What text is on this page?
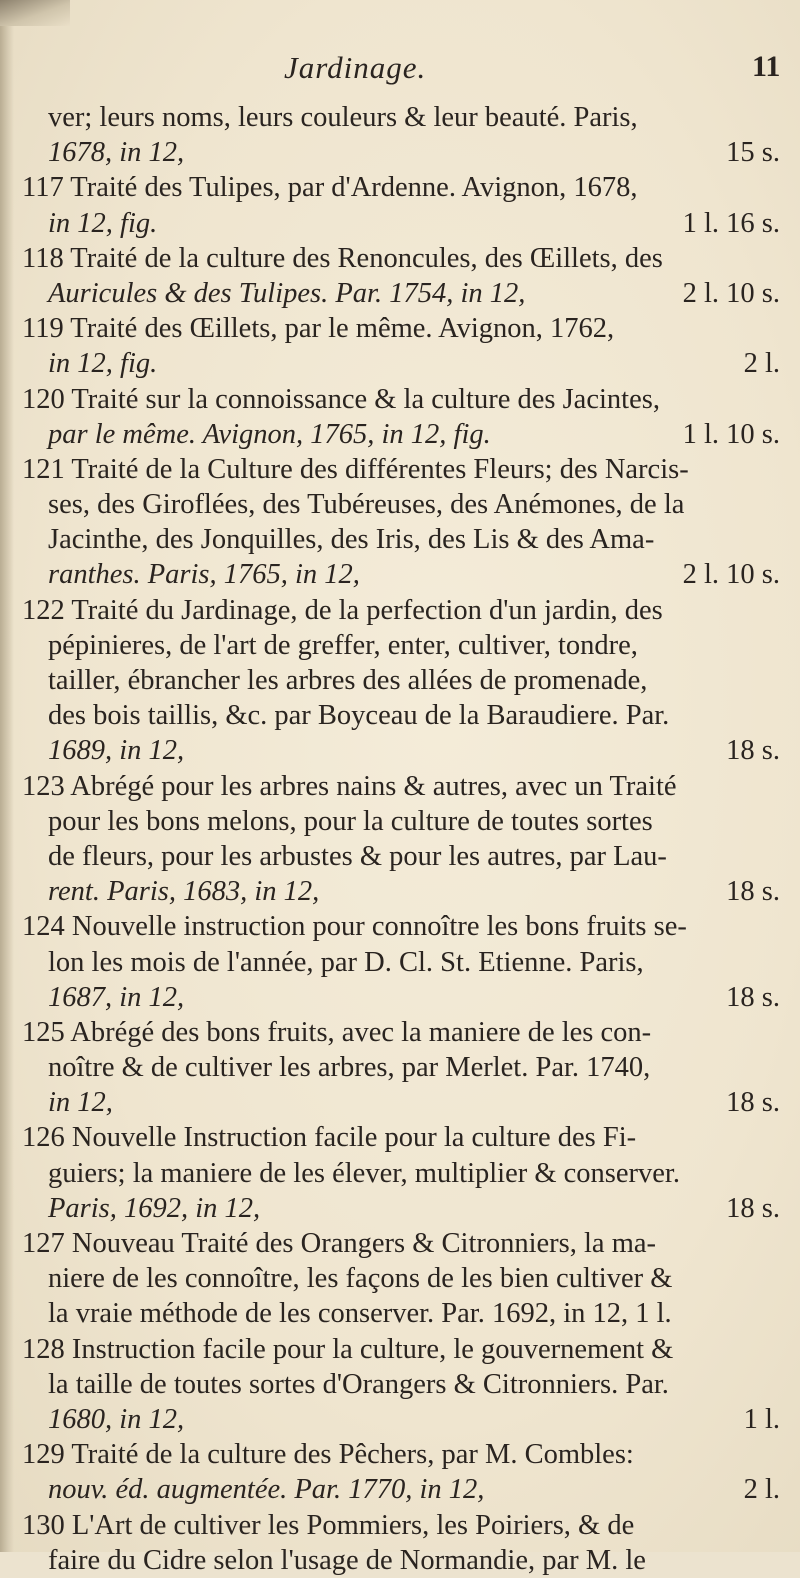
Jardinage.	11
ver; leurs noms, leurs couleurs & leur beauté. Paris,
1678, in 12,	15 s.
117 Traité des Tulipes, par d'Ardenne. Avignon, 1678,
in 12, fig.	1 l. 16 s.
118 Traité de la culture des Renoncules, des Œillets, des
Auricules & des Tulipes. Par. 1754, in 12,	2 l. 10 s.
119 Traité des Œillets, par le même. Avignon, 1762,
in 12, fig.	2 l.
120 Traité sur la connoissance & la culture des Jacintes,
par le même. Avignon, 1765, in 12, fig.	1 l. 10 s.
121 Traité de la Culture des différentes Fleurs; des Narcis-
ses, des Giroflées, des Tubéreuses, des Anémones, de la
Jacinthe, des Jonquilles, des Iris, des Lis & des Ama-
ranthes. Paris, 1765, in 12,	2 l. 10 s.
122 Traité du Jardinage, de la perfection d'un jardin, des
pépinieres, de l'art de greffer, enter, cultiver, tondre,
tailler, ébrancher les arbres des allées de promenade,
des bois taillis, &c. par Boyceau de la Baraudiere. Par.
1689, in 12,	18 s.
123 Abrégé pour les arbres nains & autres, avec un Traité
pour les bons melons, pour la culture de toutes sortes
de fleurs, pour les arbustes & pour les autres, par Lau-
rent. Paris, 1683, in 12,	18 s.
124 Nouvelle instruction pour connoître les bons fruits se-
lon les mois de l'année, par D. Cl. St. Etienne. Paris,
1687, in 12,	18 s.
125 Abrégé des bons fruits, avec la maniere de les con-
noître & de cultiver les arbres, par Merlet. Par. 1740,
in 12,	18 s.
126 Nouvelle Instruction facile pour la culture des Fi-
guiers; la maniere de les élever, multiplier & conserver.
Paris, 1692, in 12,	18 s.
127 Nouveau Traité des Orangers & Citronniers, la ma-
niere de les connoître, les façons de les bien cultiver &
la vraie méthode de les conserver. Par. 1692, in 12, 1 l.
128 Instruction facile pour la culture, le gouvernement &
la taille de toutes sortes d'Orangers & Citronniers. Par.
1680, in 12,	1 l.
129 Traité de la culture des Pêchers, par M. Combles:
nouv. éd. augmentée. Par. 1770, in 12,	2 l.
130 L'Art de cultiver les Pommiers, les Poiriers, & de
faire du Cidre selon l'usage de Normandie, par M. le
